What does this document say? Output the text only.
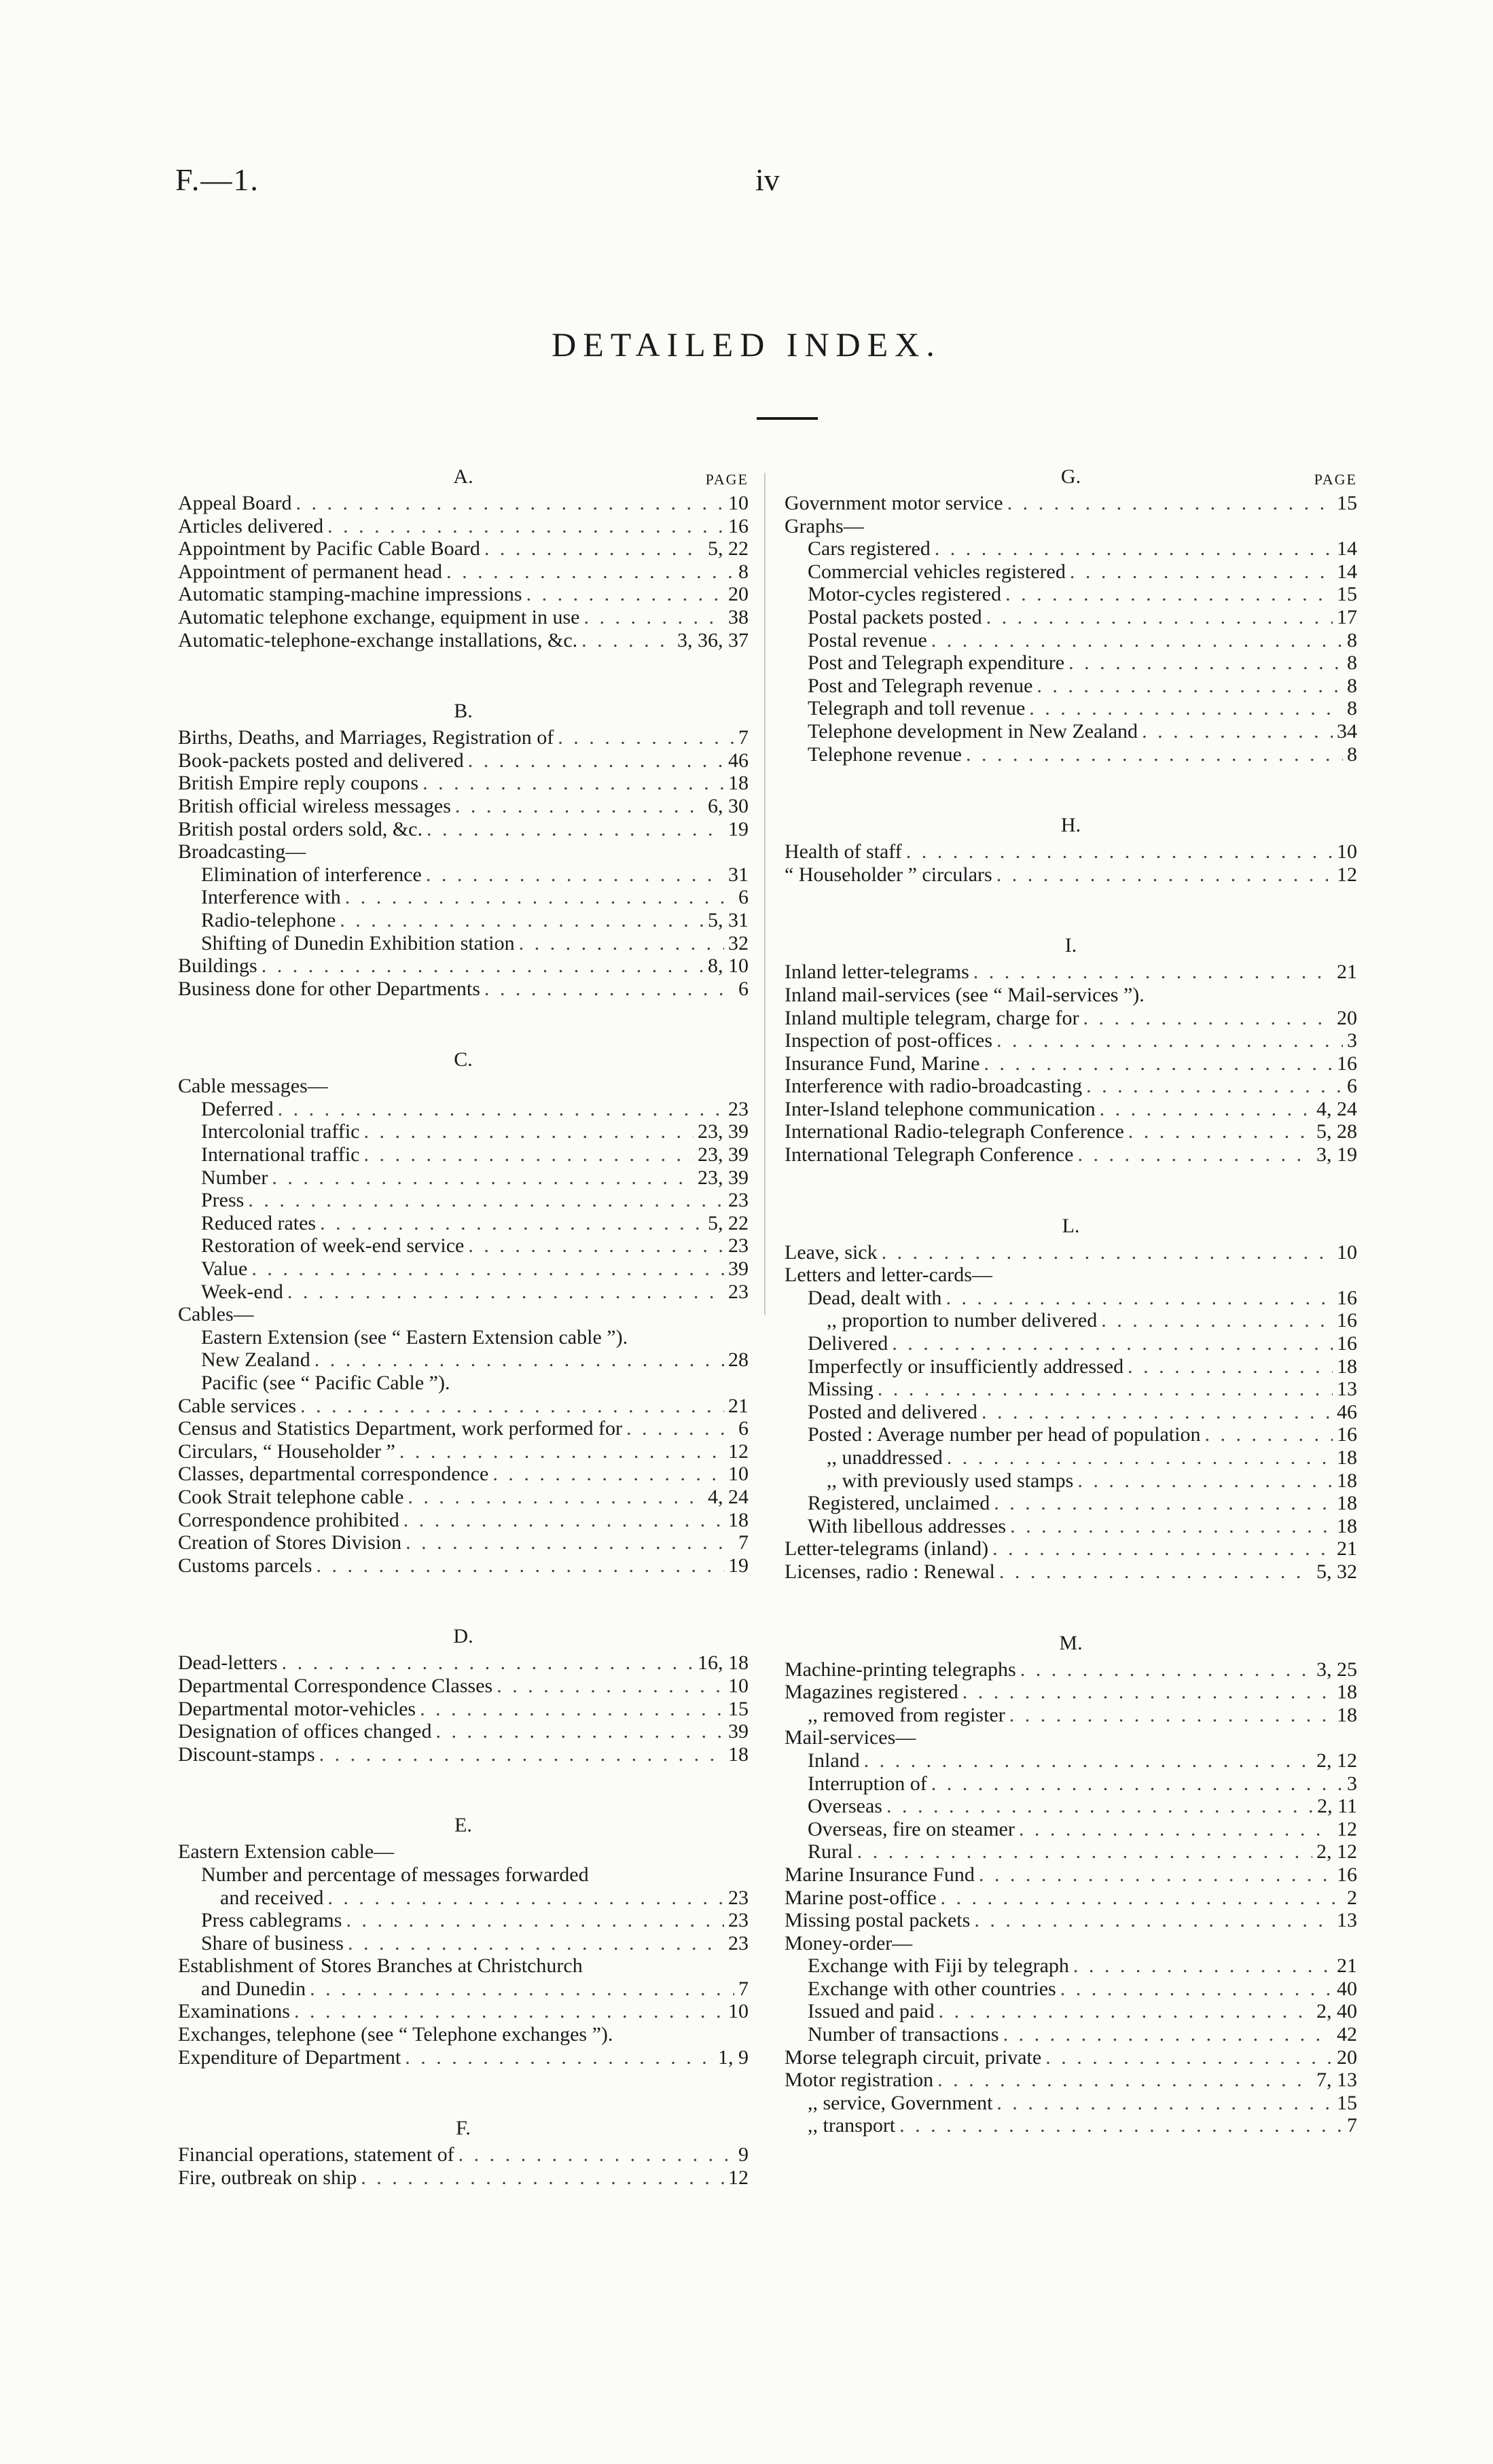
F.—1.	iv
DETAILED INDEX.
A.	PAGE
Appeal Board . .	10
Articles delivered . .	16
Appointment by Pacific Cable Board . .	5, 22
Appointment of permanent head . .	8
Automatic stamping-machine impressions . .	20
Automatic telephone exchange, equipment in use . .	38
Automatic-telephone-exchange installations, &c. . .	3, 36, 37
B.
Births, Deaths, and Marriages, Registration of . .	7
Book-packets posted and delivered . .	46
British Empire reply coupons . .	18
British official wireless messages . .	6, 30
British postal orders sold, &c. . .	19
Broadcasting—
Elimination of interference . .	31
Interference with . .	6
Radio-telephone . .	5, 31
Shifting of Dunedin Exhibition station . .	32
Buildings . .	8, 10
Business done for other Departments . .	6
C.
Cable messages—
Deferred . .	23
Intercolonial traffic . .	23, 39
International traffic . .	23, 39
Number . .	23, 39
Press . .	23
Reduced rates . .	5, 22
Restoration of week-end service . .	23
Value . .	39
Week-end . .	23
Cables—
Eastern Extension (see “ Eastern Extension cable ”).
New Zealand . .	28
Pacific (see “ Pacific Cable ”).
Cable services . .	21
Census and Statistics Department, work performed for . .	6
Circulars, “ Householder ” . .	12
Classes, departmental correspondence . .	10
Cook Strait telephone cable . .	4, 24
Correspondence prohibited . .	18
Creation of Stores Division . .	7
Customs parcels . .	19
D.
Dead-letters . .	16, 18
Departmental Correspondence Classes . .	10
Departmental motor-vehicles . .	15
Designation of offices changed . .	39
Discount-stamps . .	18
E.
Eastern Extension cable—
Number and percentage of messages forwarded
and received . .	23
Press cablegrams . .	23
Share of business . .	23
Establishment of Stores Branches at Christchurch
and Dunedin . .	7
Examinations . .	10
Exchanges, telephone (see “ Telephone exchanges ”).
Expenditure of Department . .	1, 9
F.
Financial operations, statement of . .	9
Fire, outbreak on ship . .	12
G.	PAGE
Government motor service . .	15
Graphs—
Cars registered . .	14
Commercial vehicles registered . .	14
Motor-cycles registered . .	15
Postal packets posted . .	17
Postal revenue . .	8
Post and Telegraph expenditure . .	8
Post and Telegraph revenue . .	8
Telegraph and toll revenue . .	8
Telephone development in New Zealand . .	34
Telephone revenue . .	8
H.
Health of staff . .	10
“ Householder ” circulars . .	12
I.
Inland letter-telegrams . .	21
Inland mail-services (see “ Mail-services ”).
Inland multiple telegram, charge for . .	20
Inspection of post-offices . .	3
Insurance Fund, Marine . .	16
Interference with radio-broadcasting . .	6
Inter-Island telephone communication . .	4, 24
International Radio-telegraph Conference . .	5, 28
International Telegraph Conference . .	3, 19
L.
Leave, sick . .	10
Letters and letter-cards—
Dead, dealt with . .	16
,, proportion to number delivered . .	16
Delivered . .	16
Imperfectly or insufficiently addressed . .	18
Missing . .	13
Posted and delivered . .	46
Posted : Average number per head of population . .	16
,, unaddressed . .	18
,, with previously used stamps . .	18
Registered, unclaimed . .	18
With libellous addresses . .	18
Letter-telegrams (inland) . .	21
Licenses, radio : Renewal . .	5, 32
M.
Machine-printing telegraphs . .	3, 25
Magazines registered . .	18
,, removed from register . .	18
Mail-services—
Inland . .	2, 12
Interruption of . .	3
Overseas . .	2, 11
Overseas, fire on steamer . .	12
Rural . .	2, 12
Marine Insurance Fund . .	16
Marine post-office . .	2
Missing postal packets . .	13
Money-order—
Exchange with Fiji by telegraph . .	21
Exchange with other countries . .	40
Issued and paid . .	2, 40
Number of transactions . .	42
Morse telegraph circuit, private . .	20
Motor registration . .	7, 13
,, service, Government . .	15
,, transport . .	7
